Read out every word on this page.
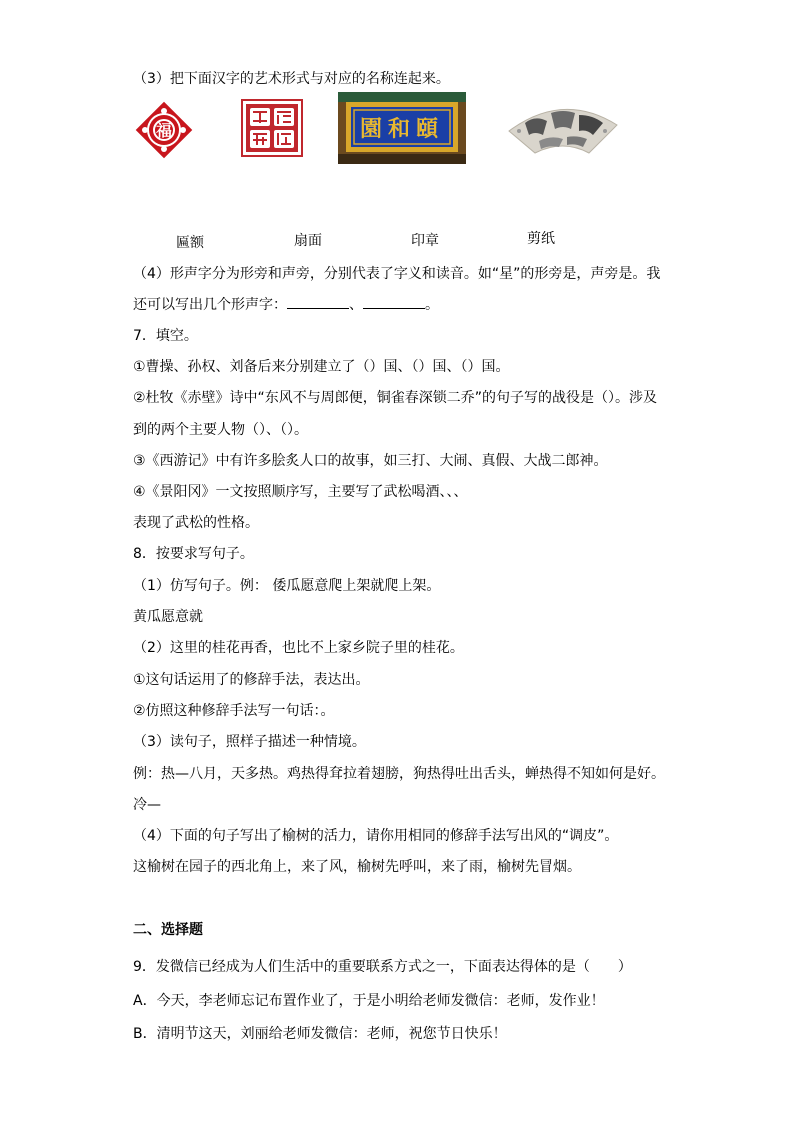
（3）把下面汉字的艺术形式与对应的名称连起来。
福	園和頤
匾额	扇面	印章	剪纸
（4）形声字分为形旁和声旁，分别代表了字义和读音。如“星”的形旁是，声旁是。我
还可以写出几个形声字：	、	。
7．填空。
①曹操、孙权、刘备后来分别建立了（）国、（）国、（）国。
②杜牧《赤壁》诗中“东风不与周郎便，铜雀春深锁二乔”的句子写的战役是（）。涉及
到的两个主要人物（）、（）。
③《西游记》中有许多脍炙人口的故事，如三打、大闹、真假、大战二郎神。
④《景阳冈》一文按照顺序写，主要写了武松喝酒、、、
表现了武松的性格。
8．按要求写句子。
（1）仿写句子。例： 倭瓜愿意爬上架就爬上架。
黄瓜愿意就
（2）这里的桂花再香，也比不上家乡院子里的桂花。
①这句话运用了的修辞手法，表达出。
②仿照这种修辞手法写一句话：。
（3）读句子，照样子描述一种情境。
例：热—八月，天多热。鸡热得耷拉着翅膀，狗热得吐出舌头，蝉热得不知如何是好。
冷—
（4）下面的句子写出了榆树的活力，请你用相同的修辞手法写出风的“调皮”。
这榆树在园子的西北角上，来了风，榆树先呼叫，来了雨，榆树先冒烟。
二、选择题
9．发微信已经成为人们生活中的重要联系方式之一，下面表达得体的是（　　）
A．今天，李老师忘记布置作业了，于是小明给老师发微信：老师，发作业！
B．清明节这天，刘丽给老师发微信：老师，祝您节日快乐！
